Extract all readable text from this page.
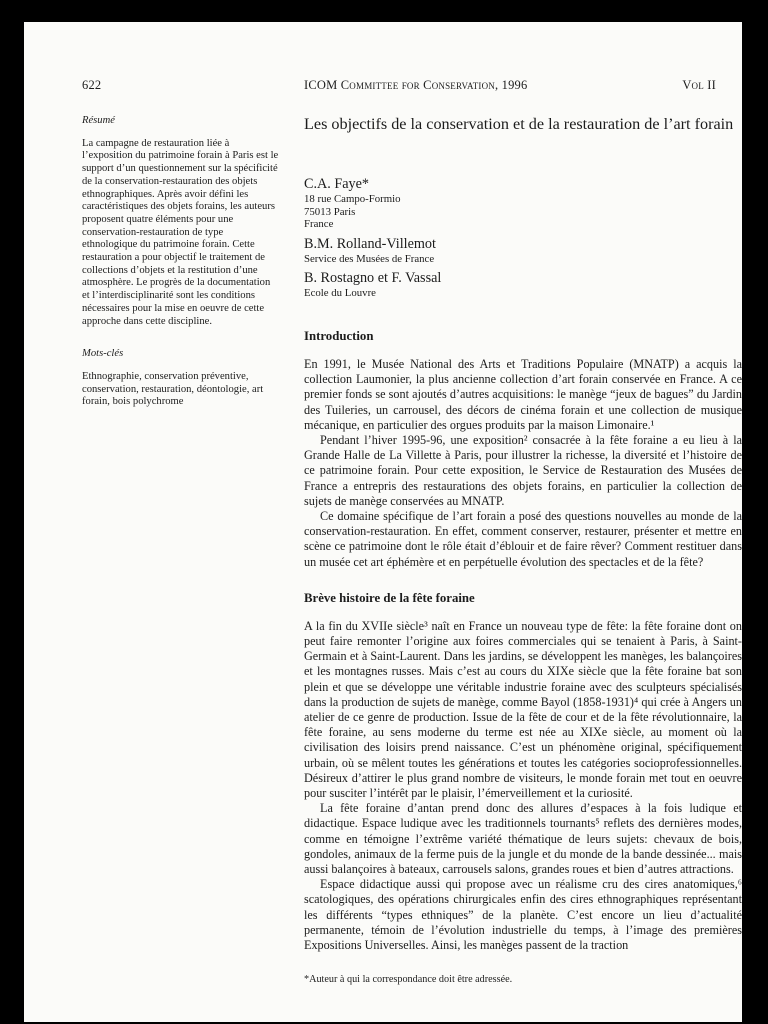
622	ICOM Committee for Conservation, 1996	Vol II

Résumé

La campagne de restauration liée à l’exposition du patrimoine forain à Paris est le support d’un questionnement sur la spécificité de la conservation-restauration des objets ethnographiques. Après avoir défini les caractéristiques des objets forains, les auteurs proposent quatre éléments pour une conservation-restauration de type ethnologique du patrimoine forain. Cette restauration a pour objectif le traitement de collections d’objets et la restitution d’une atmosphère. Le progrès de la documentation et l’interdisciplinarité sont les conditions nécessaires pour la mise en oeuvre de cette approche dans cette discipline.

Mots-clés

Ethnographie, conservation préventive, conservation, restauration, déontologie, art forain, bois polychrome

Les objectifs de la conservation et de la restauration de l’art forain

C.A. Faye*

18 rue Campo-Formio

75013 Paris

France

B.M. Rolland-Villemot

Service des Musées de France

B. Rostagno et F. Vassal

Ecole du Louvre

Introduction

En 1991, le Musée National des Arts et Traditions Populaire (MNATP) a acquis la collection Laumonier, la plus ancienne collection d’art forain conservée en France. A ce premier fonds se sont ajoutés d’autres acquisitions: le manège “jeux de bagues” du Jardin des Tuileries, un carrousel, des décors de cinéma forain et une collection de musique mécanique, en particulier des orgues produits par la maison Limonaire.¹

Pendant l’hiver 1995-96, une exposition² consacrée à la fête foraine a eu lieu à la Grande Halle de La Villette à Paris, pour illustrer la richesse, la diversité et l’histoire de ce patrimoine forain. Pour cette exposition, le Service de Restauration des Musées de France a entrepris des restaurations des objets forains, en particulier la collection de sujets de manège conservées au MNATP.

Ce domaine spécifique de l’art forain a posé des questions nouvelles au monde de la conservation-restauration. En effet, comment conserver, restaurer, présenter et mettre en scène ce patrimoine dont le rôle était d’éblouir et de faire rêver? Comment restituer dans un musée cet art éphémère et en perpétuelle évolution des spectacles et de la fête?

Brève histoire de la fête foraine

A la fin du XVIIe siècle³ naît en France un nouveau type de fête: la fête foraine dont on peut faire remonter l’origine aux foires commerciales qui se tenaient à Paris, à Saint-Germain et à Saint-Laurent. Dans les jardins, se développent les manèges, les balançoires et les montagnes russes. Mais c’est au cours du XIXe siècle que la fête foraine bat son plein et que se développe une véritable industrie foraine avec des sculpteurs spécialisés dans la production de sujets de manège, comme Bayol (1858-1931)⁴ qui crée à Angers un atelier de ce genre de production. Issue de la fête de cour et de la fête révolutionnaire, la fête foraine, au sens moderne du terme est née au XIXe siècle, au moment où la civilisation des loisirs prend naissance. C’est un phénomène original, spécifiquement urbain, où se mêlent toutes les générations et toutes les catégories socioprofessionnelles. Désireux d’attirer le plus grand nombre de visiteurs, le monde forain met tout en oeuvre pour susciter l’intérêt par le plaisir, l’émerveillement et la curiosité.

La fête foraine d’antan prend donc des allures d’espaces à la fois ludique et didactique. Espace ludique avec les traditionnels tournants⁵ reflets des dernières modes, comme en témoigne l’extrême variété thématique de leurs sujets: chevaux de bois, gondoles, animaux de la ferme puis de la jungle et du monde de la bande dessinée... mais aussi balançoires à bateaux, carrousels salons, grandes roues et bien d’autres attractions.

Espace didactique aussi qui propose avec un réalisme cru des cires anatomiques,⁶ scatologiques, des opérations chirurgicales enfin des cires ethnographiques représentant les différents “types ethniques” de la planète. C’est encore un lieu d’actualité permanente, témoin de l’évolution industrielle du temps, à l’image des premières Expositions Universelles. Ainsi, les manèges passent de la traction

*Auteur à qui la correspondance doit être adressée.
